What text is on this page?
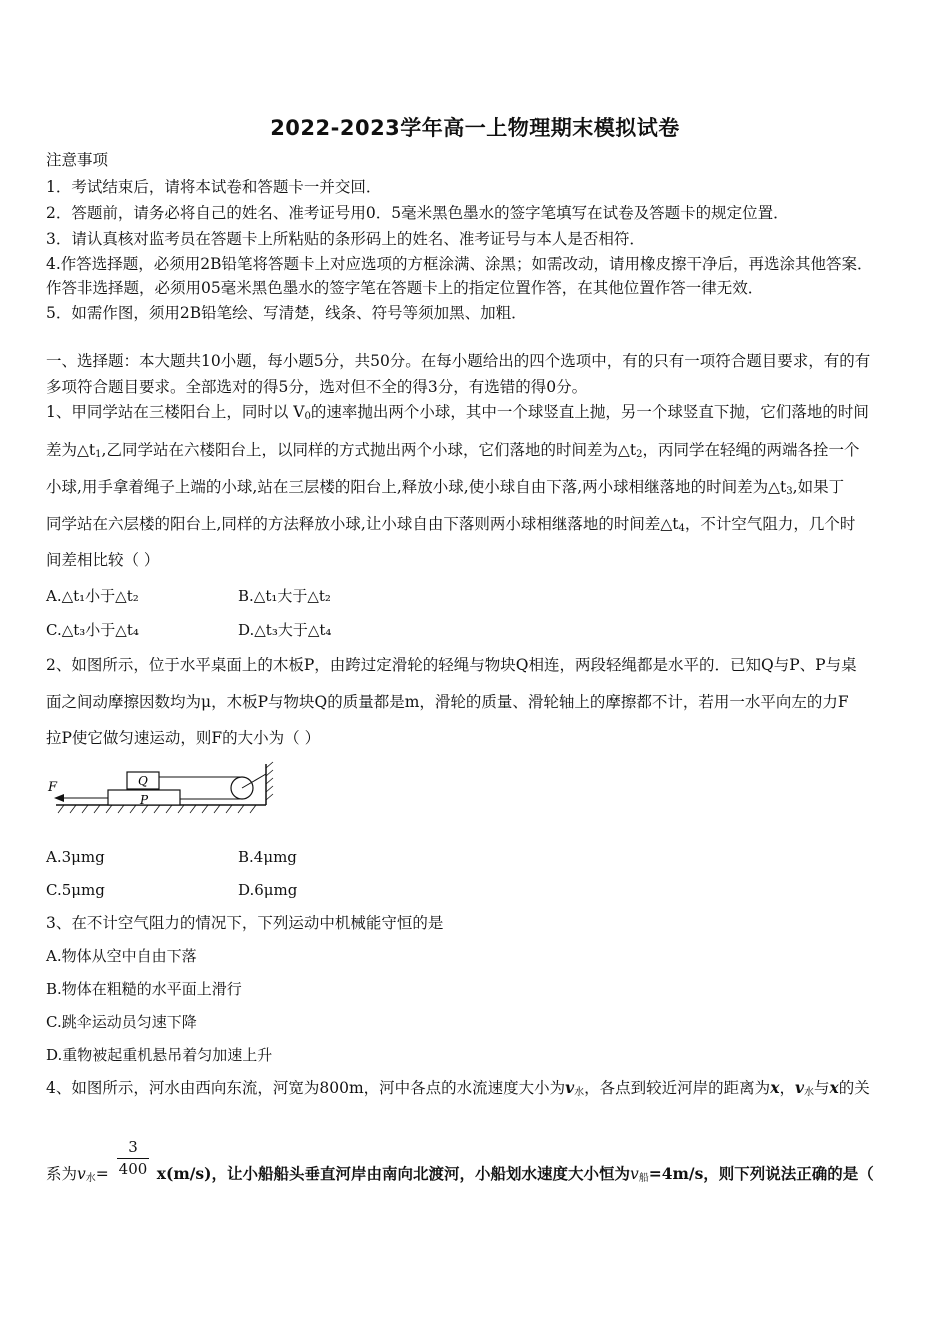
2022-2023学年高一上物理期末模拟试卷
注意事项
1．考试结束后，请将本试卷和答题卡一并交回．
2．答题前，请务必将自己的姓名、准考证号用0．5毫米黑色墨水的签字笔填写在试卷及答题卡的规定位置．
3．请认真核对监考员在答题卡上所粘贴的条形码上的姓名、准考证号与本人是否相符．
4.作答选择题，必须用2B铅笔将答题卡上对应选项的方框涂满、涂黑；如需改动，请用橡皮擦干净后，再选涂其他答案．
作答非选择题，必须用05毫米黑色墨水的签字笔在答题卡上的指定位置作答，在其他位置作答一律无效．
5．如需作图，须用2B铅笔绘、写清楚，线条、符号等须加黑、加粗．
一、选择题：本大题共10小题，每小题5分，共50分。在每小题给出的四个选项中，有的只有一项符合题目要求，有的有
多项符合题目要求。全部选对的得5分，选对但不全的得3分，有选错的得0分。
1、甲同学站在三楼阳台上，同时以 $V_0$的速率抛出两个小球，其中一个球竖直上抛，另一个球竖直下抛，它们落地的时间
差为$\triangle t_1$,乙同学站在六楼阳台上，以同样的方式抛出两个小球，它们落地的时间差为$\triangle t_2$，丙同学在轻绳的两端各拴一个
小球,用手拿着绳子上端的小球,站在三层楼的阳台上,释放小球,使小球自由下落,两小球相继落地的时间差为$\triangle t_3$,如果丁
同学站在六层楼的阳台上,同样的方法释放小球,让小球自由下落则两小球相继落地的时间差$\triangle t_4$，不计空气阻力，几个时
间差相比较（ ）
A.△t₁小于△t₂	B.△t₁大于△t₂
C.△t₃小于△t₄	D.△t₃大于△t₄
2、如图所示，位于水平桌面上的木板P，由跨过定滑轮的轻绳与物块Q相连，两段轻绳都是水平的．已知Q与P、P与桌
面之间动摩擦因数均为μ，木板P与物块Q的质量都是m，滑轮的质量、滑轮轴上的摩擦都不计，若用一水平向左的力F
拉P使它做匀速运动，则F的大小为（ ）
F	Q
P
A.3μmg	B.4μmg
C.5μmg	D.6μmg
3、在不计空气阻力的情况下，下列运动中机械能守恒的是
A.物体从空中自由下落
B.物体在粗糙的水平面上滑行
C.跳伞运动员匀速下降
D.重物被起重机悬吊着匀加速上升
4、如图所示，河水由西向东流，河宽为800m，河中各点的水流速度大小为$v_水$，各点到较近河岸的距离为x，$v_水$与x的关
3
400
系为$v_水=$	x(m/s)，让小船船头垂直河岸由南向北渡河，小船划水速度大小恒为$v_船=4m/s$，则下列说法正确的是（
